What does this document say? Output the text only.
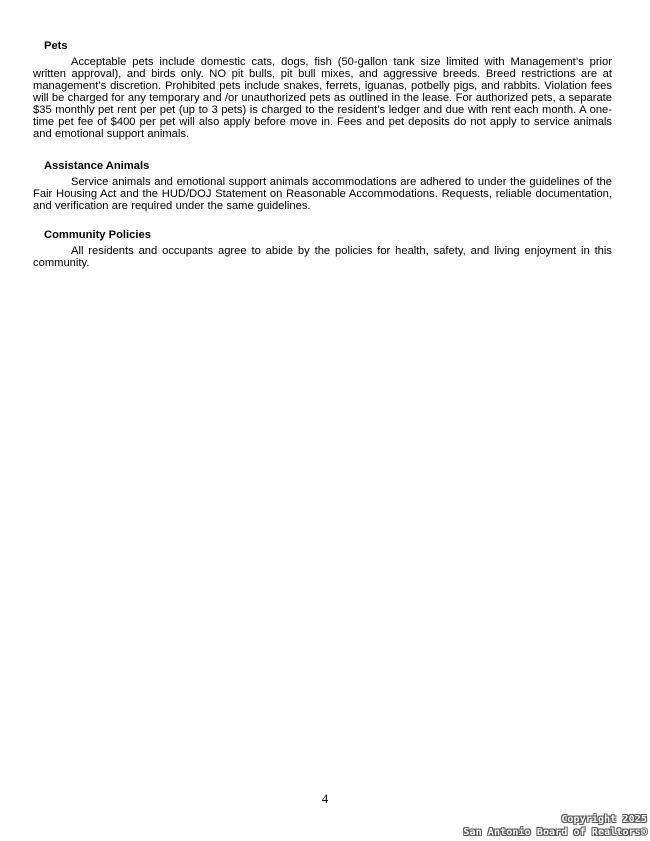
Pets

Acceptable pets include domestic cats, dogs, fish (50-gallon tank size limited with Management’s prior written approval), and birds only. NO pit bulls, pit bull mixes, and aggressive breeds. Breed restrictions are at management’s discretion. Prohibited pets include snakes, ferrets, iguanas, potbelly pigs, and rabbits. Violation fees will be charged for any temporary and /or unauthorized pets as outlined in the lease. For authorized pets, a separate $35 monthly pet rent per pet (up to 3 pets) is charged to the resident’s ledger and due with rent each month. A one-time pet fee of $400 per pet will also apply before move in. Fees and pet deposits do not apply to service animals and emotional support animals.

Assistance Animals

Service animals and emotional support animals accommodations are adhered to under the guidelines of the Fair Housing Act and the HUD/DOJ Statement on Reasonable Accommodations. Requests, reliable documentation, and verification are required under the same guidelines.

Community Policies

All residents and occupants agree to abide by the policies for health, safety, and living enjoyment in this community.

4
Copyright 2025
San Antonio Board of Realtors®
